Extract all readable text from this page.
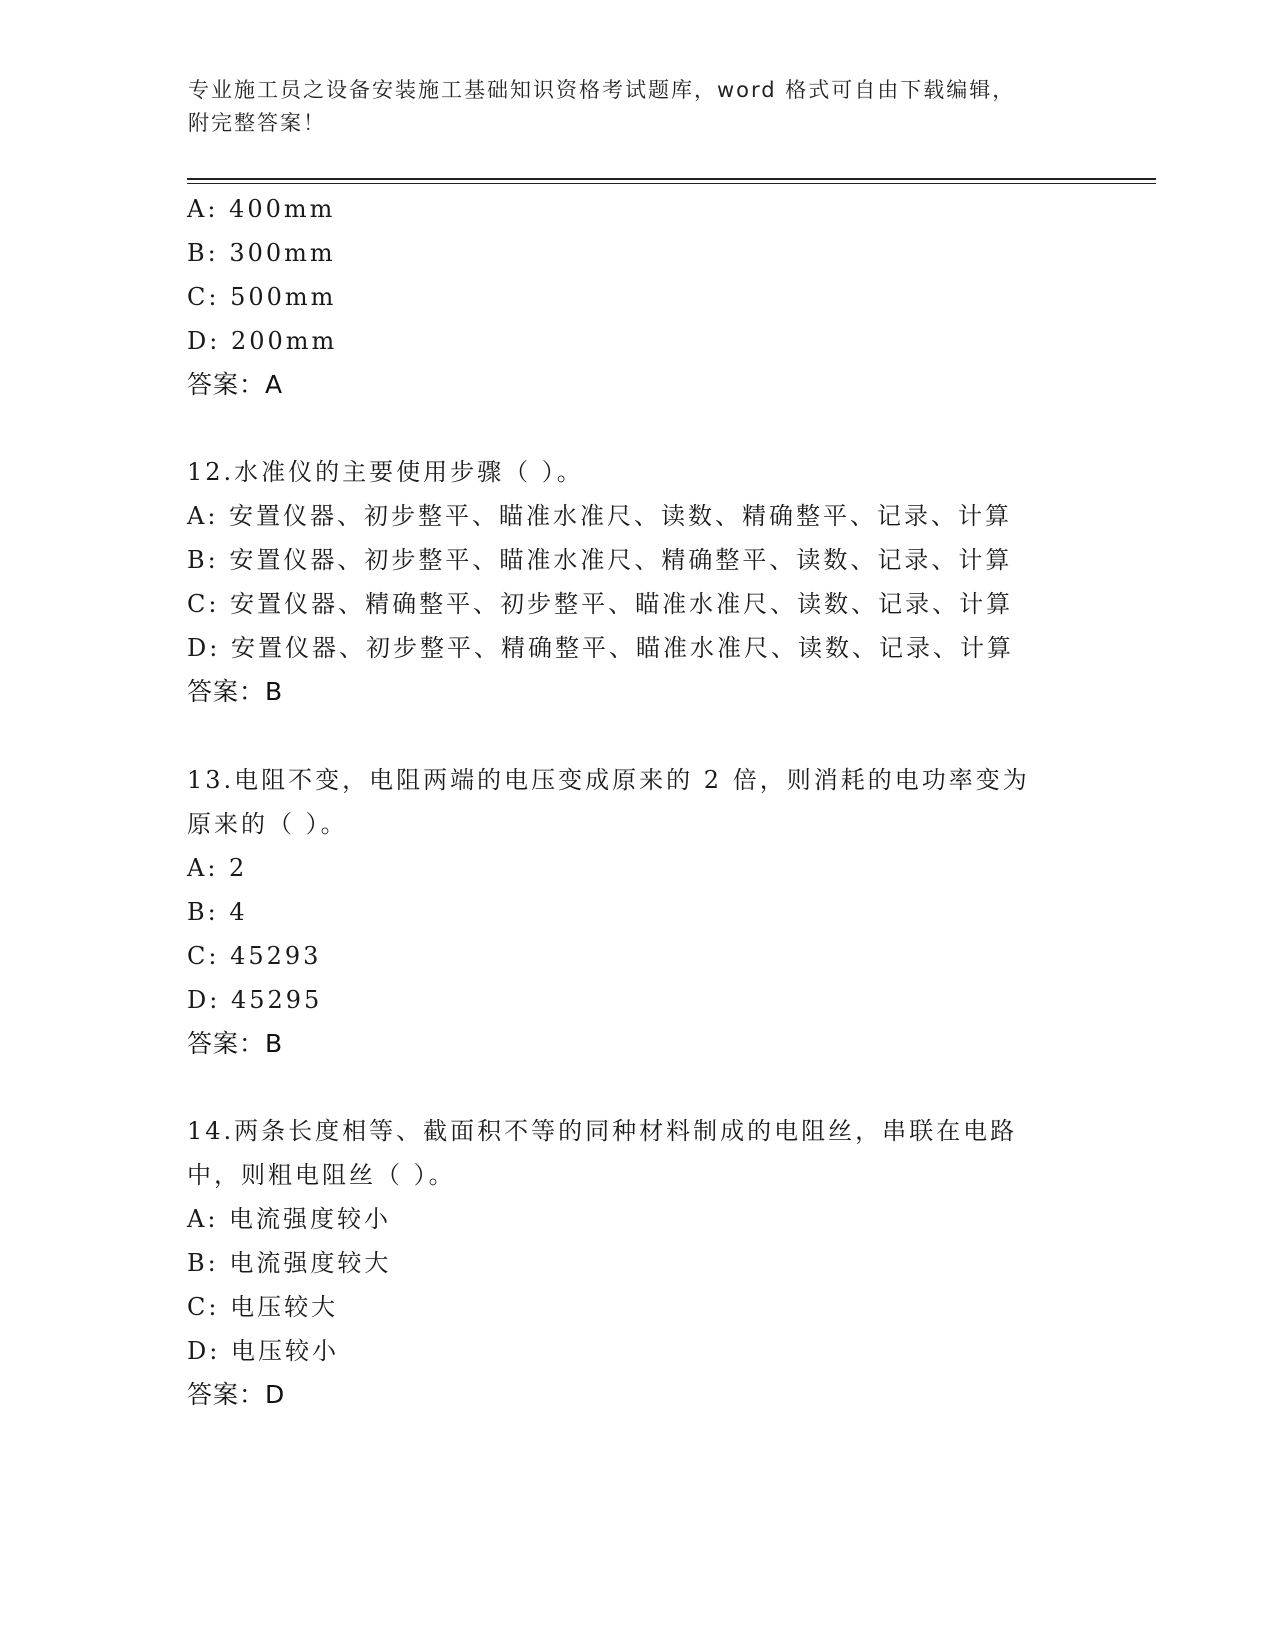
专业施工员之设备安装施工基础知识资格考试题库，word 格式可自由下载编辑，
附完整答案！
A: 400mm
B: 300mm
C: 500mm
D: 200mm
答案：A
12.水准仪的主要使用步骤（ ）。
A: 安置仪器、初步整平、瞄准水准尺、读数、精确整平、记录、计算
B: 安置仪器、初步整平、瞄准水准尺、精确整平、读数、记录、计算
C: 安置仪器、精确整平、初步整平、瞄准水准尺、读数、记录、计算
D: 安置仪器、初步整平、精确整平、瞄准水准尺、读数、记录、计算
答案：B
13.电阻不变，电阻两端的电压变成原来的 2 倍，则消耗的电功率变为
原来的（ ）。
A: 2
B: 4
C: 45293
D: 45295
答案：B
14.两条长度相等、截面积不等的同种材料制成的电阻丝，串联在电路
中，则粗电阻丝（ ）。
A: 电流强度较小
B: 电流强度较大
C: 电压较大
D: 电压较小
答案：D
